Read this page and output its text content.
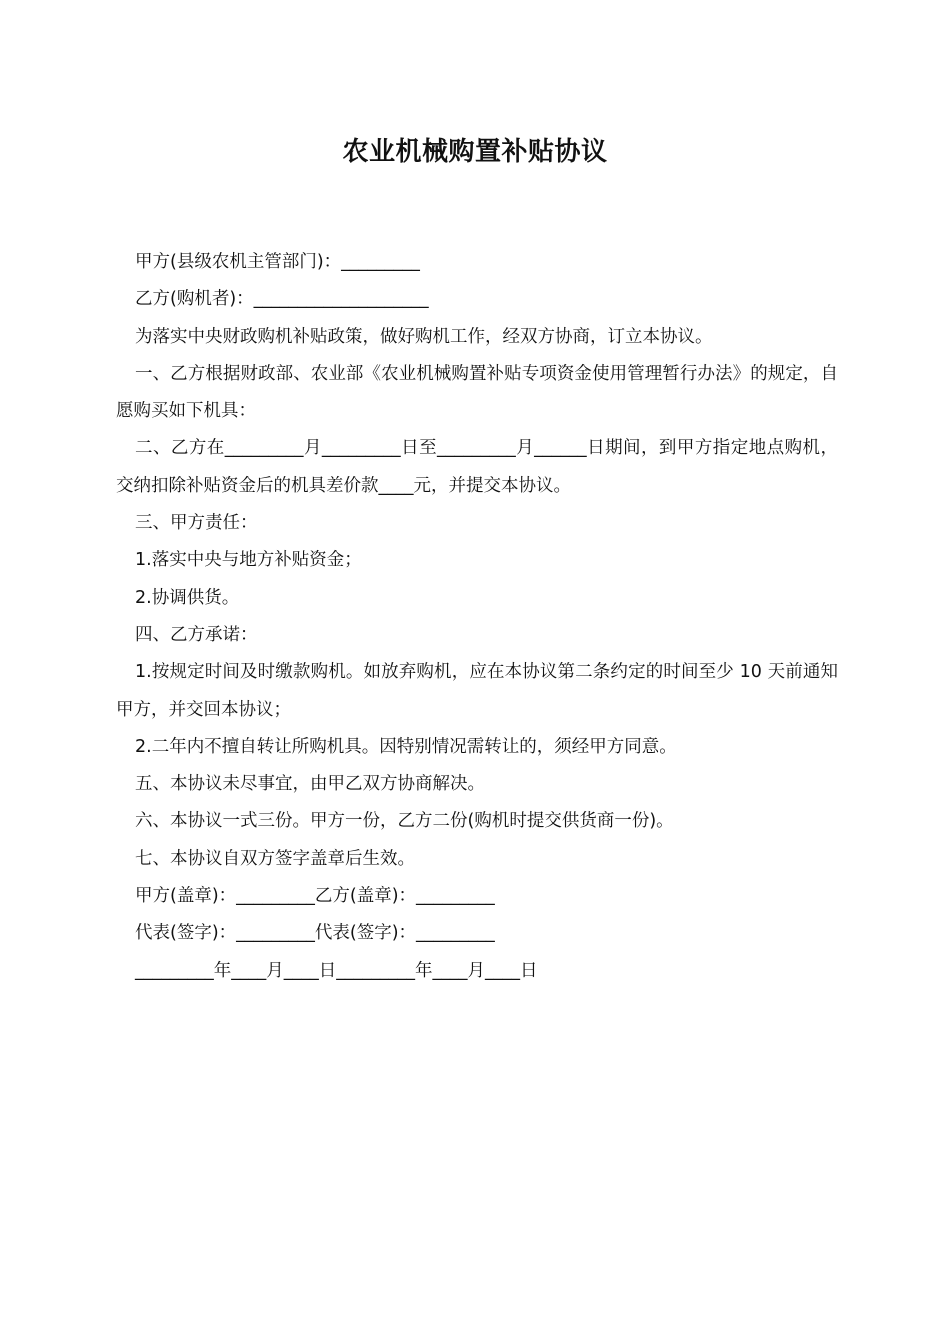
农业机械购置补贴协议

甲方(县级农机主管部门)：_________

乙方(购机者)：____________________

为落实中央财政购机补贴政策，做好购机工作，经双方协商，订立本协议。

一、乙方根据财政部、农业部《农业机械购置补贴专项资金使用管理暂行办法》的规定，自愿购买如下机具：

二、乙方在_________月_________日至_________月______日期间，到甲方指定地点购机，交纳扣除补贴资金后的机具差价款____元，并提交本协议。

三、甲方责任：

1.落实中央与地方补贴资金；

2.协调供货。

四、乙方承诺：

1.按规定时间及时缴款购机。如放弃购机，应在本协议第二条约定的时间至少 10 天前通知甲方，并交回本协议；

2.二年内不擅自转让所购机具。因特别情况需转让的，须经甲方同意。

五、本协议未尽事宜，由甲乙双方协商解决。

六、本协议一式三份。甲方一份，乙方二份(购机时提交供货商一份)。

七、本协议自双方签字盖章后生效。

甲方(盖章)：_________乙方(盖章)：_________

代表(签字)：_________代表(签字)：_________

_________年____月____日_________年____月____日
